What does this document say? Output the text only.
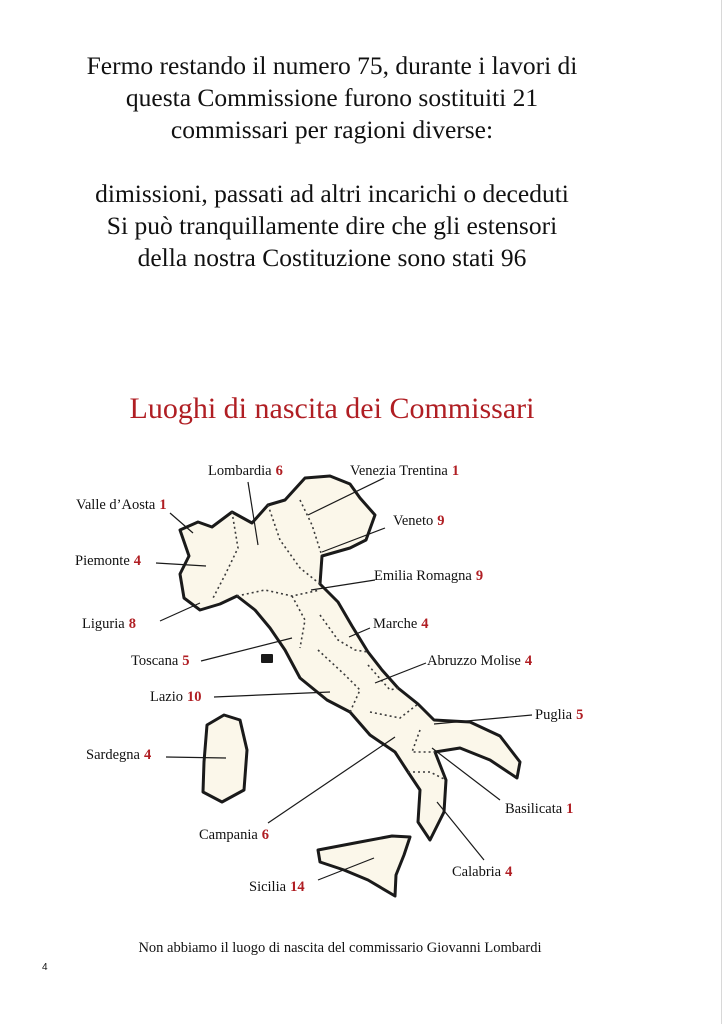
Fermo restando il numero 75, durante i lavori di

questa Commissione furono sostituiti 21

commissari per ragioni diverse:

dimissioni, passati ad altri incarichi o deceduti

Si può tranquillamente dire che gli estensori

della nostra Costituzione sono stati 96

Luoghi di nascita dei Commissari
Lombardia 6	Venezia Trentina 1
Valle d’Aosta 1
Veneto 9
Piemonte 4
Emilia Romagna 9
Liguria 8	Marche 4
Toscana 5	Abruzzo Molise 4
Lazio 10
Puglia 5
Sardegna 4
Basilicata 1
Campania 6
Calabria 4
Sicilia 14
Non abbiamo il luogo di nascita del commissario Giovanni Lombardi
4
